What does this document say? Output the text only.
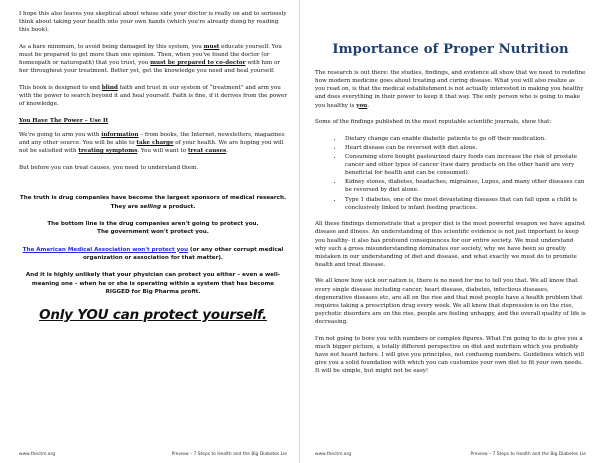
I hope this also leaves you skeptical about whose side your doctor is really on and to seriously think about taking your health into your own hands (which you're already doing by reading this book).

As a bare minimum, to avoid being damaged by this system, you must educate yourself. You must be prepared to get more than one opinion. Then, when you've found the doctor (or homeopath or naturopath) that you trust, you must be prepared to co-doctor with him or her throughout your treatment. Better yet, get the knowledge you need and heal yourself.

This book is designed to end blind faith and trust in our system of “treatment” and arm you with the power to search beyond it and heal yourself. Faith is fine, if it derives from the power of knowledge.

You Have The Power – Use It

We're going to arm you with information – from books, the Internet, newsletters, magazines and any other source. You will be able to take charge of your health. We are hoping you will not be satisfied with treating symptoms. You will want to treat causes.

But before you can treat causes, you need to understand them.

The truth is drug companies have become the largest sponsors of medical research.
They are selling a product.

The bottom line is the drug companies aren't going to protect you.
The government won't protect you.

The American Medical Association won't protect you (or any other corrupt medical organization or association for that matter).

And it is highly unlikely that your physician can protect you either – even a well-meaning one – when he or she is operating within a system that has become RIGGED for Big Pharma profit.

Only YOU can protect yourself.
www.thectm.org	Preview – 7 Steps to Health and the Big Diabetes Lie
Importance of Proper Nutrition

The research is out there: the studies, findings, and evidence all show that we need to redefine how modern medicine goes about treating and curing disease. What you will also realize as you read on, is that the medical establishment is not actually interested in making you healthy and does everything in their power to keep it that way. The only person who is going to make you healthy is you.

Some of the findings published in the most reputable scientific journals, show that:

• Dietary change can enable diabetic patients to go off their medication.
• Heart disease can be reversed with diet alone.
• Consuming store bought pasteurized dairy foods can increase the risk of prostate cancer and other types of cancer (raw dairy products on the other hand are very beneficial for health and can be consumed).
• Kidney stones, diabetes, headaches, migraines, Lupus, and many other diseases can be reversed by diet alone.
• Type 1 diabetes, one of the most devastating diseases that can fall upon a child is conclusively linked to infant feeding practices.

All these findings demonstrate that a proper diet is the most powerful weapon we have against disease and illness. An understanding of this scientific evidence is not just important to keep you healthy- it also has profound consequences for our entire society. We must understand why such a gross misunderstanding dominates our society, why we have been so greatly mistaken in our understanding of diet and disease, and what exactly we must do to promote health and treat disease.

We all know how sick our nation is, there is no need for me to tell you that. We all know that every single disease including cancer, heart disease, diabetes, infectious diseases, degenerative diseases etc, are all on the rise and that most people have a health problem that requires taking a prescription drug every week. We all know that depression is on the rise, psychotic disorders are on the rise, people are feeling unhappy, and the overall quality of life is decreasing.

I'm not going to bore you with numbers or complex figures. What I'm going to do is give you a much bigger picture, a totally different perspective on diet and nutrition which you probably have not heard before. I will give you principles, not confusing numbers. Guidelines which will give you a solid foundation with which you can customize your own diet to fit your own needs. It will be simple, but might not be easy!

www.thectm.org	Preview – 7 Steps to Health and the Big Diabetes Lie
